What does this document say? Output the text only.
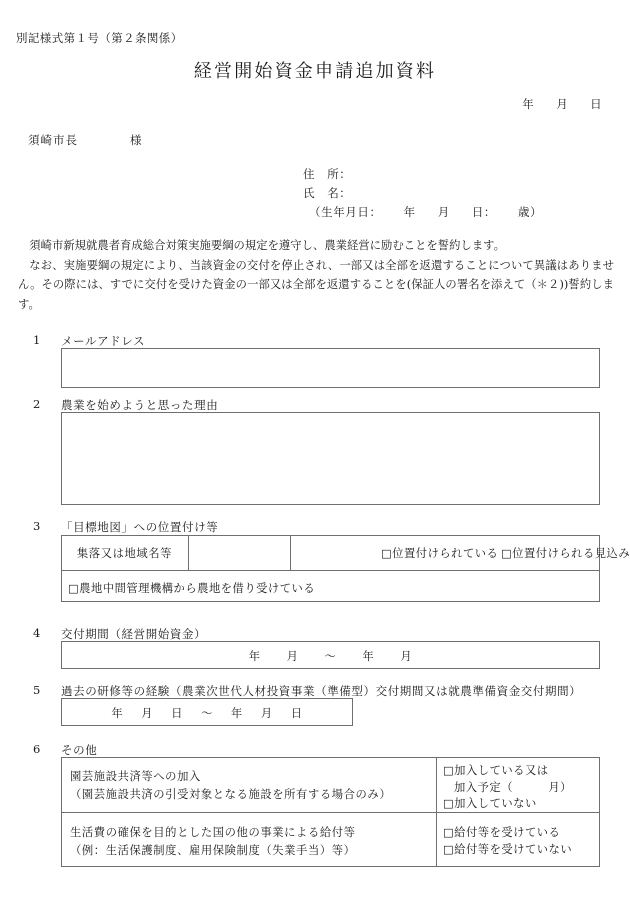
別記様式第１号（第２条関係）
経営開始資金申請追加資料
年 月 日
須崎市長	様
住　所：
氏　名：
（生年月日： 年 月 日： 歳）

須崎市新規就農者育成総合対策実施要綱の規定を遵守し、農業経営に励むことを誓約します。

なお、実施要綱の規定により、当該資金の交付を停止され、一部又は全部を返還することについて異議はありません。その際には、すでに交付を受けた資金の一部又は全部を返還することを(保証人の署名を添えて（＊２))誓約します。

1 メールアドレス
2 農業を始めようと思った理由
3 「目標地図」への位置付け等
集落又は地域名等	□位置付けられている □位置付けられる見込み
□農地中間管理機構から農地を借り受けている
4 交付期間（経営開始資金）
年 月 ～ 年 月
5 過去の研修等の経験（農業次世代人材投資事業（準備型）交付期間又は就農準備資金交付期間）
年 月 日 ～ 年 月 日
6 その他
園芸施設共済等への加入
（園芸施設共済の引受対象となる施設を所有する場合のみ）
□加入している又は
加入予定（　　　月）
□加入していない
生活費の確保を目的とした国の他の事業による給付等
（例：生活保護制度、雇用保険制度（失業手当）等）
□給付等を受けている
□給付等を受けていない
